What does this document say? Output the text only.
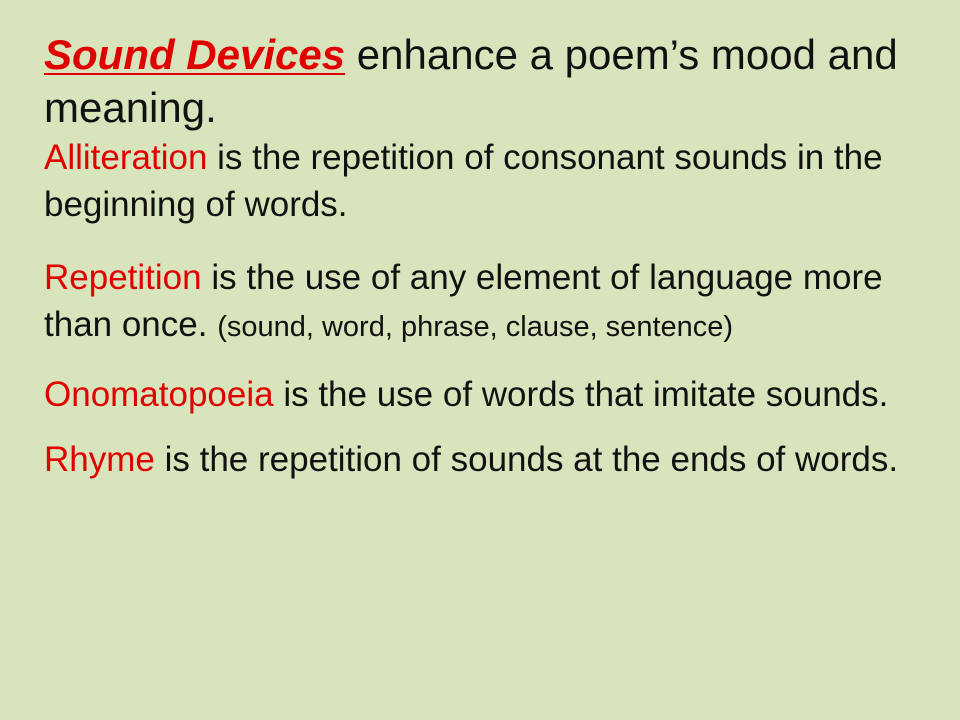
Sound Devices enhance a poem’s mood and meaning.

Alliteration is the repetition of consonant sounds in the beginning of words.

Repetition is the use of any element of language more than once. (sound, word, phrase, clause, sentence)

Onomatopoeia is the use of words that imitate sounds.

Rhyme is the repetition of sounds at the ends of words.
